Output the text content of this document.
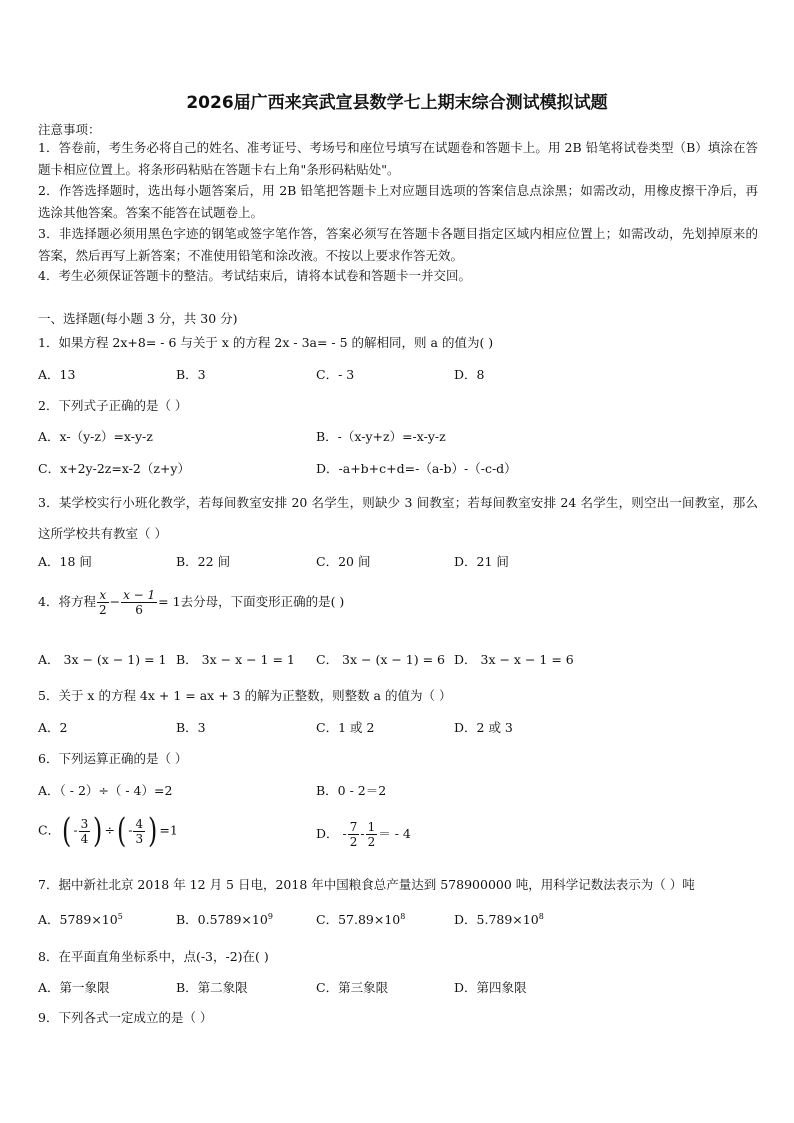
2026届广西来宾武宣县数学七上期末综合测试模拟试题
注意事项：
1．答卷前，考生务必将自己的姓名、准考证号、考场号和座位号填写在试题卷和答题卡上。用 2B 铅笔将试卷类型（B）填涂在答题卡相应位置上。将条形码粘贴在答题卡右上角"条形码粘贴处"。
2．作答选择题时，选出每小题答案后，用 2B 铅笔把答题卡上对应题目选项的答案信息点涂黑；如需改动，用橡皮擦干净后，再选涂其他答案。答案不能答在试题卷上。
3．非选择题必须用黑色字迹的钢笔或签字笔作答，答案必须写在答题卡各题目指定区域内相应位置上；如需改动，先划掉原来的答案，然后再写上新答案；不准使用铅笔和涂改液。不按以上要求作答无效。
4．考生必须保证答题卡的整洁。考试结束后，请将本试卷和答题卡一并交回。
一、选择题(每小题 3 分，共 30 分)
1．如果方程 2x+8= - 6 与关于 x 的方程 2x - 3a= - 5 的解相同，则 a 的值为( )
A．13	B．3	C．- 3	D．8
2．下列式子正确的是（ ）
A．x-（y-z）=x-y-z	B．-（x-y+z）=-x-y-z
C．x+2y-2z=x-2（z+y）	D．-a+b+c+d=-（a-b）-（-c-d）
3．某学校实行小班化教学，若每间教室安排 20 名学生，则缺少 3 间教室；若每间教室安排 24 名学生，则空出一间教室，那么这所学校共有教室（ ）
A．18 间	B．22 间	C．20 间	D．21 间
4．将方程 $\frac{x}{2} - \frac{x - 1}{6} = 1$去分母，下面变形正确的是( )
A． 3x − (x − 1) = 1 B． 3x − x − 1 = 1 C． 3x − (x − 1) = 6 D． 3x − x − 1 = 6
5．关于 x 的方程 4x + 1 = ax + 3 的解为正整数，则整数 a 的值为（ ）
A．2	B．3	C．1 或 2	D．2 或 3
6．下列运算正确的是（ ）
A．（ - 2）÷（ - 4）=2	B．0 - 2＝2
C．( - $\frac{3}{4}$ ) ÷( - $\frac{4}{3}$ ) =1	D． - $\frac{7}{2} - \frac{1}{2}$ ＝ - 4
7．据中新社北京 2018 年 12 月 5 日电，2018 年中国粮食总产量达到 578900000 吨，用科学记数法表示为（ ）吨
A．$5789\times 10^5$	B．$0.5789\times 10^9$	C．$57.89\times 10^8$	D．$5.789\times 10^8$
8．在平面直角坐标系中，点(-3，-2)在( )
A．第一象限	B．第二象限	C．第三象限	D．第四象限
9．下列各式一定成立的是（ ）
